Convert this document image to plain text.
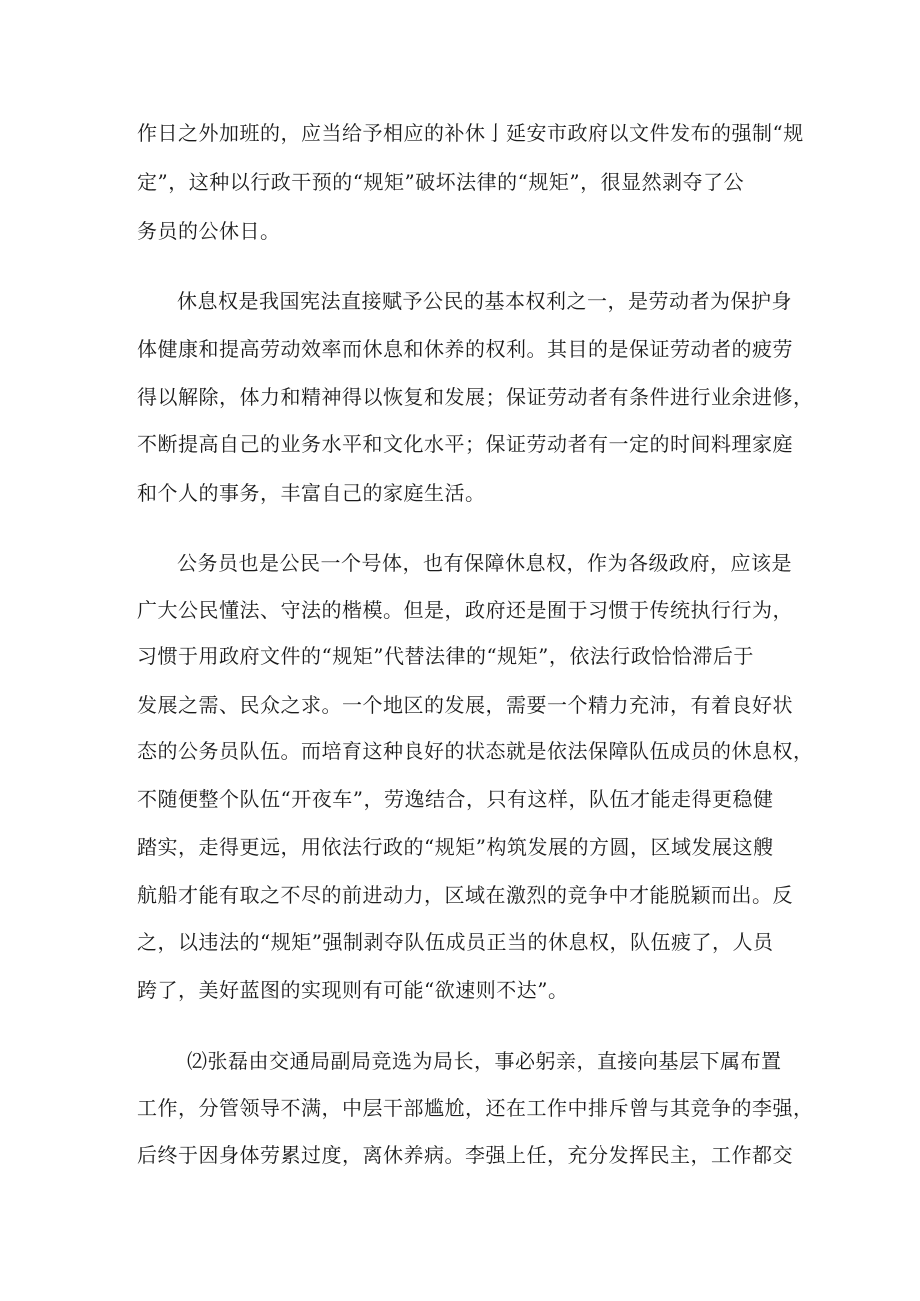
作日之外加班的，应当给予相应的补休亅延安市政府以文件发布的强制“规
定”，这种以行政干预的“规矩”破坏法律的“规矩”，很显然剥夺了公
务员的公休日。
休息权是我国宪法直接赋予公民的基本权利之一，是劳动者为保护身
体健康和提高劳动效率而休息和休养的权利。其目的是保证劳动者的疲劳
得以解除，体力和精神得以恢复和发展；保证劳动者有条件进行业余进修，
不断提高自己的业务水平和文化水平；保证劳动者有一定的时间料理家庭
和个人的事务，丰富自己的家庭生活。
公务员也是公民一个号体，也有保障休息权，作为各级政府，应该是
广大公民懂法、守法的楷模。但是，政府还是囿于习惯于传统执行行为，
习惯于用政府文件的“规矩”代替法律的“规矩”，依法行政恰恰滞后于
发展之需、民众之求。一个地区的发展，需要一个精力充沛，有着良好状
态的公务员队伍。而培育这种良好的状态就是依法保障队伍成员的休息权，
不随便整个队伍“开夜车”，劳逸结合，只有这样，队伍才能走得更稳健
踏实，走得更远，用依法行政的“规矩”构筑发展的方圆，区域发展这艘
航船才能有取之不尽的前进动力，区域在激烈的竞争中才能脱颖而出。反
之，以违法的“规矩”强制剥夺队伍成员正当的休息权，队伍疲了，人员
跨了，美好蓝图的实现则有可能“欲速则不达”。
⑵张磊由交通局副局竞选为局长，事必躬亲，直接向基层下属布置
工作，分管领导不满，中层干部尴尬，还在工作中排斥曾与其竞争的李强，
后终于因身体劳累过度，离休养病。李强上任，充分发挥民主，工作都交
